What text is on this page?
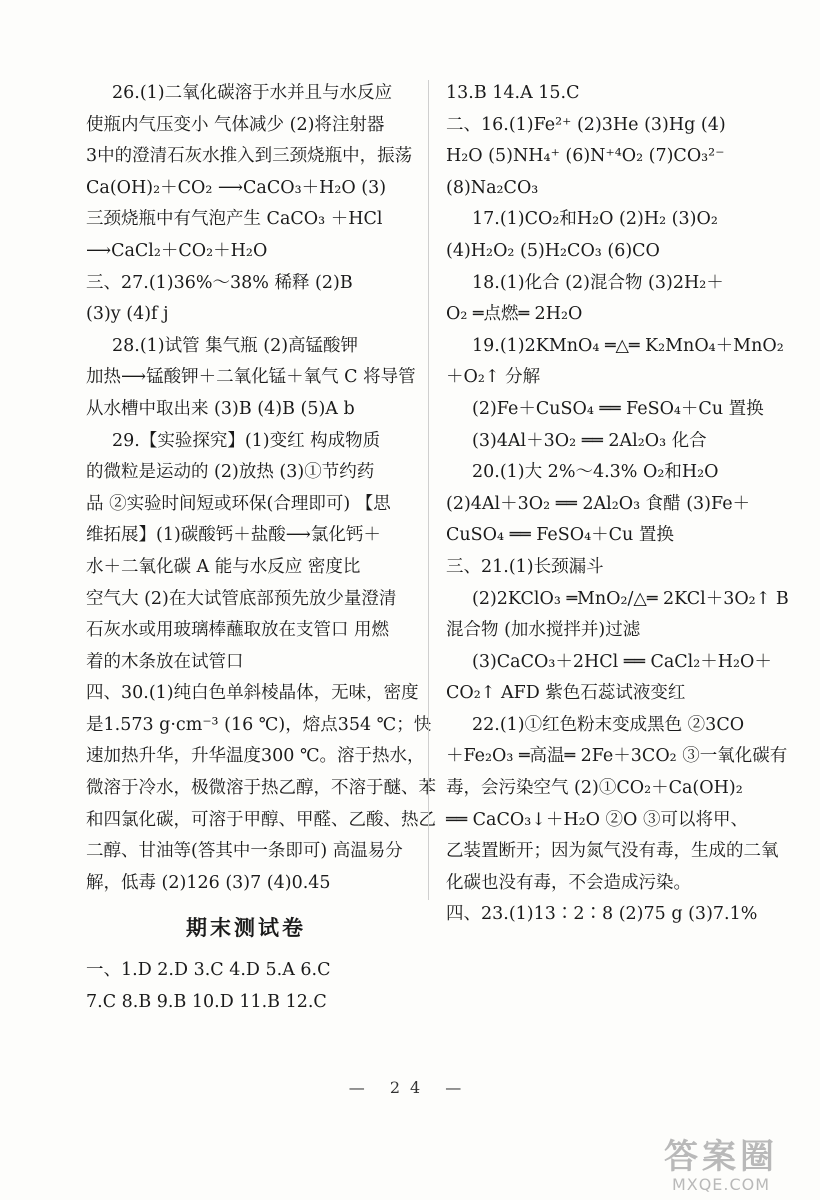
26.(1)二氧化碳溶于水并且与水反应

使瓶内气压变小 气体减少 (2)将注射器

3中的澄清石灰水推入到三颈烧瓶中，振荡

Ca(OH)₂＋CO₂ ⟶CaCO₃＋H₂O (3)

三颈烧瓶中有气泡产生 CaCO₃ ＋HCl

⟶CaCl₂＋CO₂＋H₂O

三、27.(1)36%～38% 稀释 (2)B

(3)y (4)f j

28.(1)试管 集气瓶 (2)高锰酸钾

加热⟶锰酸钾＋二氧化锰＋氧气 C 将导管

从水槽中取出来 (3)B (4)B (5)A b

29.【实验探究】(1)变红 构成物质

的微粒是运动的 (2)放热 (3)①节约药

品 ②实验时间短或环保(合理即可) 【思

维拓展】(1)碳酸钙＋盐酸⟶氯化钙＋

水＋二氧化碳 A 能与水反应 密度比

空气大 (2)在大试管底部预先放少量澄清

石灰水或用玻璃棒蘸取放在支管口 用燃

着的木条放在试管口

四、30.(1)纯白色单斜棱晶体，无味，密度

是1.573 g·cm⁻³ (16 ℃)，熔点354 ℃；快

速加热升华，升华温度300 ℃。溶于热水，

微溶于冷水，极微溶于热乙醇，不溶于醚、苯

和四氯化碳，可溶于甲醇、甲醛、乙酸、热乙

二醇、甘油等(答其中一条即可) 高温易分

解，低毒 (2)126 (3)7 (4)0.45

期末测试卷

一、1.D 2.D 3.C 4.D 5.A 6.C

7.C 8.B 9.B 10.D 11.B 12.C

13.B 14.A 15.C

二、16.(1)Fe²⁺ (2)3He (3)Hg (4)

H₂O (5)NH₄⁺ (6)N⁺⁴O₂ (7)CO₃²⁻

(8)Na₂CO₃

17.(1)CO₂和H₂O (2)H₂ (3)O₂

(4)H₂O₂ (5)H₂CO₃ (6)CO

18.(1)化合 (2)混合物 (3)2H₂＋

O₂ ═点燃═ 2H₂O

19.(1)2KMnO₄ ═△═ K₂MnO₄＋MnO₂

＋O₂↑ 分解

(2)Fe＋CuSO₄ ══ FeSO₄＋Cu 置换

(3)4Al＋3O₂ ══ 2Al₂O₃ 化合

20.(1)大 2%～4.3% O₂和H₂O

(2)4Al＋3O₂ ══ 2Al₂O₃ 食醋 (3)Fe＋

CuSO₄ ══ FeSO₄＋Cu 置换

三、21.(1)长颈漏斗

(2)2KClO₃ ═MnO₂/△═ 2KCl＋3O₂↑ B

混合物 (加水搅拌并)过滤

(3)CaCO₃＋2HCl ══ CaCl₂＋H₂O＋

CO₂↑ AFD 紫色石蕊试液变红

22.(1)①红色粉末变成黑色 ②3CO

＋Fe₂O₃ ═高温═ 2Fe＋3CO₂ ③一氧化碳有

毒，会污染空气 (2)①CO₂＋Ca(OH)₂

══ CaCO₃↓＋H₂O ②O ③可以将甲、

乙装置断开；因为氮气没有毒，生成的二氧

化碳也没有毒，不会造成污染。

四、23.(1)13∶2∶8 (2)75 g (3)7.1%

— 24 —
答案圈
MXQE.COM
